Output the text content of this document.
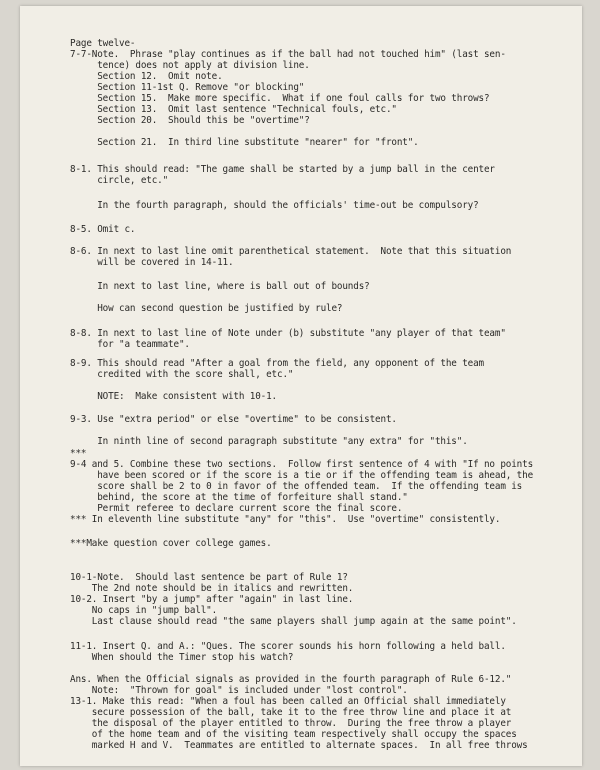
Page twelve-
7-7-Note.  Phrase "play continues as if the ball had not touched him" (last sen-
tence) does not apply at division line.
Section 12.  Omit note.
Section 11-1st Q. Remove "or blocking"
Section 15.  Make more specific.  What if one foul calls for two throws?
Section 13.  Omit last sentence "Technical fouls, etc."
Section 20.  Should this be "overtime"?
Section 21.  In third line substitute "nearer" for "front".
8-1. This should read: "The game shall be started by a jump ball in the center
circle, etc."
In the fourth paragraph, should the officials' time-out be compulsory?
8-5. Omit c.
8-6. In next to last line omit parenthetical statement.  Note that this situation
will be covered in 14-11.
In next to last line, where is ball out of bounds?
How can second question be justified by rule?
8-8. In next to last line of Note under (b) substitute "any player of that team"
for "a teammate".
8-9. This should read "After a goal from the field, any opponent of the team
credited with the score shall, etc."
NOTE:  Make consistent with 10-1.
9-3. Use "extra period" or else "overtime" to be consistent.
In ninth line of second paragraph substitute "any extra" for "this".
***
9-4 and 5. Combine these two sections.  Follow first sentence of 4 with "If no points
have been scored or if the score is a tie or if the offending team is ahead, the
score shall be 2 to 0 in favor of the offended team.  If the offending team is
behind, the score at the time of forfeiture shall stand."
Permit referee to declare current score the final score.
*** In eleventh line substitute "any" for "this".  Use "overtime" consistently.
***Make question cover college games.
10-1-Note.  Should last sentence be part of Rule 1?
The 2nd note should be in italics and rewritten.
10-2. Insert "by a jump" after "again" in last line.
No caps in "jump ball".
Last clause should read "the same players shall jump again at the same point".
11-1. Insert Q. and A.: "Ques. The scorer sounds his horn following a held ball.
When should the Timer stop his watch?
Ans. When the Official signals as provided in the fourth paragraph of Rule 6-12."
Note:  "Thrown for goal" is included under "lost control".
13-1. Make this read: "When a foul has been called an Official shall immediately
secure possession of the ball, take it to the free throw line and place it at
the disposal of the player entitled to throw.  During the free throw a player
of the home team and of the visiting team respectively shall occupy the spaces
marked H and V.  Teammates are entitled to alternate spaces.  In all free throws
